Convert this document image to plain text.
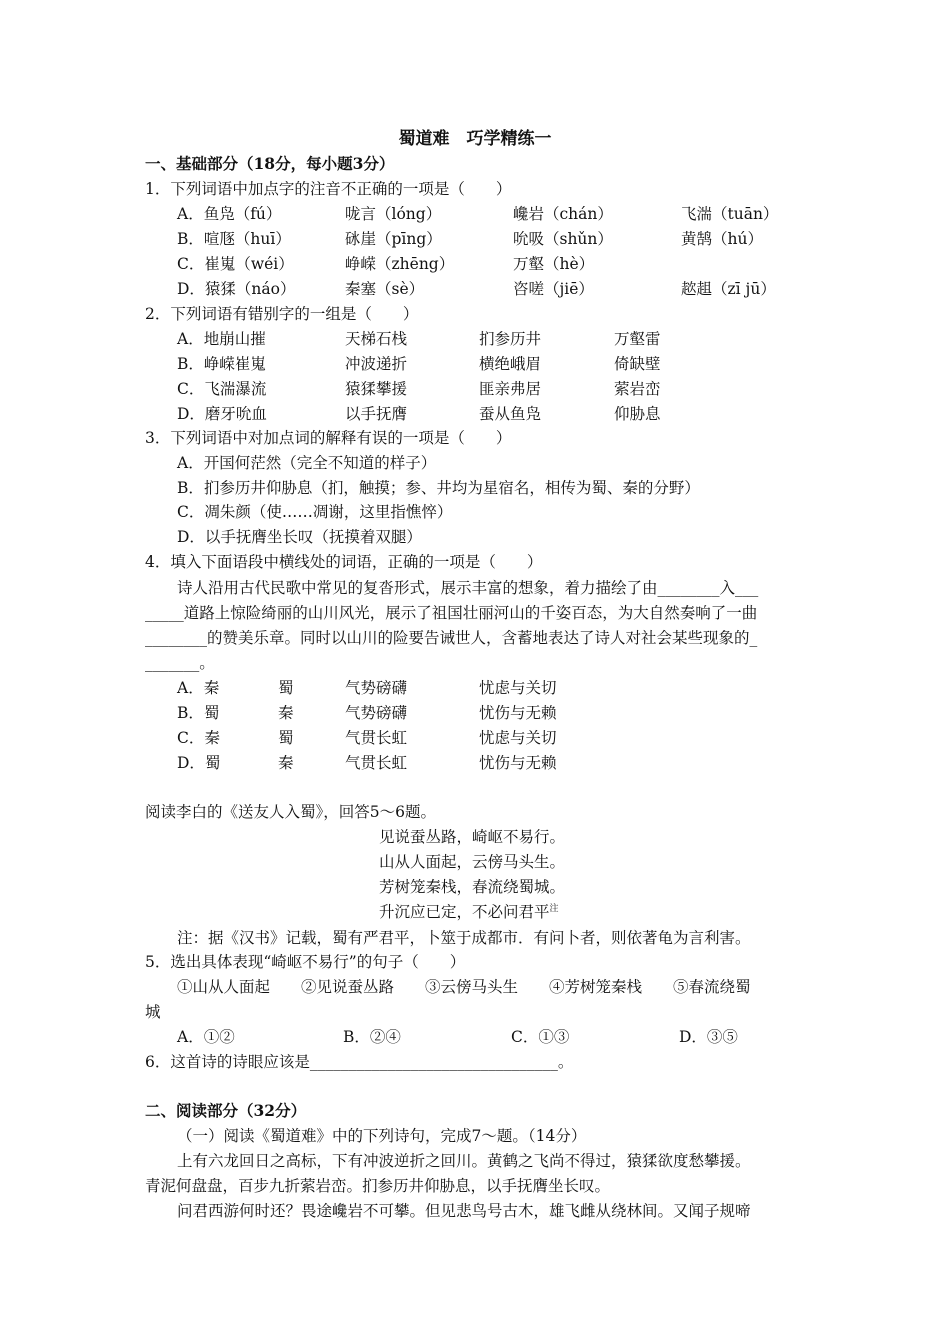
蜀道难　巧学精练一
一、基础部分（18分，每小题3分）
1．下列词语中加点字的注音不正确的一项是（　　）
A．鱼凫（fú）	咙言（lóng）	巉岩（chán）	飞湍（tuān）
B．喧豗（huī）	砯崖（pīng）	吮吸（shǔn）	黄鹄（hú）
C．崔嵬（wéi）	峥嵘（zhēng）	万壑（hè）
D．猿猱（náo）	秦塞（sè）	咨嗟（jiē）	趑趄（zī jū）
2．下列词语有错别字的一组是（　　）
A．地崩山摧	天梯石栈	扪参历井	万壑雷
B．峥嵘崔嵬	冲波递折	横绝峨眉	倚缺壁
C．飞湍瀑流	猿猱攀援	匪亲弗居	萦岩峦
D．磨牙吮血	以手抚膺	蚕从鱼凫	仰胁息
3．下列词语中对加点词的解释有误的一项是（　　）
A．开国何茫然（完全不知道的样子）
B．扪参历井仰胁息（扪，触摸；参、井均为星宿名，相传为蜀、秦的分野）
C．凋朱颜（使……凋谢，这里指憔悴）
D．以手抚膺坐长叹（抚摸着双腿）
4．填入下面语段中横线处的词语，正确的一项是（　　）
诗人沿用古代民歌中常见的复沓形式，展示丰富的想象，着力描绘了由________入___
_____道路上惊险绮丽的山川风光，展示了祖国壮丽河山的千姿百态，为大自然奏响了一曲
________的赞美乐章。同时以山川的险要告诫世人，含蓄地表达了诗人对社会某些现象的_
_______。
A．秦	蜀	气势磅礴	忧虑与关切
B．蜀	秦	气势磅礴	忧伤与无赖
C．秦	蜀	气贯长虹	忧虑与关切
D．蜀	秦	气贯长虹	忧伤与无赖
阅读李白的《送友人入蜀》，回答5～6题。
见说蚕丛路，崎岖不易行。
山从人面起，云傍马头生。
芳树笼秦栈，春流绕蜀城。
升沉应已定，不必问君平$^注$
注：据《汉书》记载，蜀有严君平，卜筮于成都市．有问卜者，则依著龟为言利害。
5．选出具体表现“崎岖不易行”的句子（　　）
①山从人面起　　②见说蚕丛路　　③云傍马头生　　④芳树笼秦栈　　⑤春流绕蜀
城
A．①②	B．②④	C．①③	D．③⑤
6．这首诗的诗眼应该是________________________________。
二、阅读部分（32分）
（一）阅读《蜀道难》中的下列诗句，完成7～题。（14分）
上有六龙回日之高标，下有冲波逆折之回川。黄鹤之飞尚不得过，猿猱欲度愁攀援。
青泥何盘盘，百步九折萦岩峦。扪参历井仰胁息，以手抚膺坐长叹。
问君西游何时还？畏途巉岩不可攀。但见悲鸟号古木，雄飞雌从绕林间。又闻子规啼
